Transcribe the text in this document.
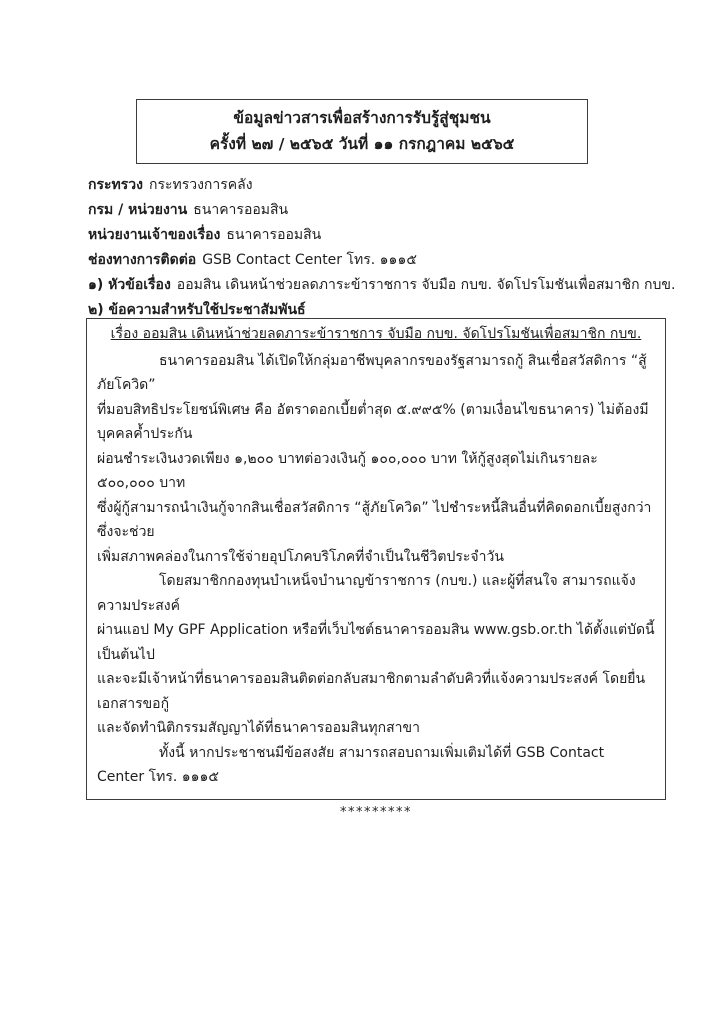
ข้อมูลข่าวสารเพื่อสร้างการรับรู้สู่ชุมชน
ครั้งที่ ๒๗ / ๒๕๖๕ วันที่ ๑๑ กรกฎาคม ๒๕๖๕
กระทรวง กระทรวงการคลัง
กรม / หน่วยงาน ธนาคารออมสิน
หน่วยงานเจ้าของเรื่อง ธนาคารออมสิน
ช่องทางการติดต่อ GSB Contact Center โทร. ๑๑๑๕
๑) หัวข้อเรื่อง ออมสิน เดินหน้าช่วยลดภาระข้าราชการ จับมือ กบข. จัดโปรโมชันเพื่อสมาชิก กบข.
๒) ข้อความสำหรับใช้ประชาสัมพันธ์
เรื่อง ออมสิน เดินหน้าช่วยลดภาระข้าราชการ จับมือ กบข. จัดโปรโมชันเพื่อสมาชิก กบข.
ธนาคารออมสิน ได้เปิดให้กลุ่มอาชีพบุคลากรของรัฐสามารถกู้ สินเชื่อสวัสดิการ “สู้ภัยโควิด”
ที่มอบสิทธิประโยชน์พิเศษ คือ อัตราดอกเบี้ยต่ำสุด ๕.๙๙๕% (ตามเงื่อนไขธนาคาร) ไม่ต้องมีบุคคลค้ำประกัน
ผ่อนชำระเงินงวดเพียง ๑,๒๐๐ บาทต่อวงเงินกู้ ๑๐๐,๐๐๐ บาท ให้กู้สูงสุดไม่เกินรายละ ๕๐๐,๐๐๐ บาท
ซึ่งผู้กู้สามารถนำเงินกู้จากสินเชื่อสวัสดิการ “สู้ภัยโควิด” ไปชำระหนี้สินอื่นที่คิดดอกเบี้ยสูงกว่า ซึ่งจะช่วย
เพิ่มสภาพคล่องในการใช้จ่ายอุปโภคบริโภคที่จำเป็นในชีวิตประจำวัน
โดยสมาชิกกองทุนบำเหน็จบำนาญข้าราชการ (กบข.) และผู้ที่สนใจ สามารถแจ้งความประสงค์
ผ่านแอป My GPF Application หรือที่เว็บไซต์ธนาคารออมสิน www.gsb.or.th ได้ตั้งแต่บัดนี้เป็นต้นไป
และจะมีเจ้าหน้าที่ธนาคารออมสินติดต่อกลับสมาชิกตามลำดับคิวที่แจ้งความประสงค์ โดยยื่นเอกสารขอกู้
และจัดทำนิติกรรมสัญญาได้ที่ธนาคารออมสินทุกสาขา
ทั้งนี้ หากประชาชนมีข้อสงสัย สามารถสอบถามเพิ่มเติมได้ที่ GSB Contact Center โทร. ๑๑๑๕
*********
